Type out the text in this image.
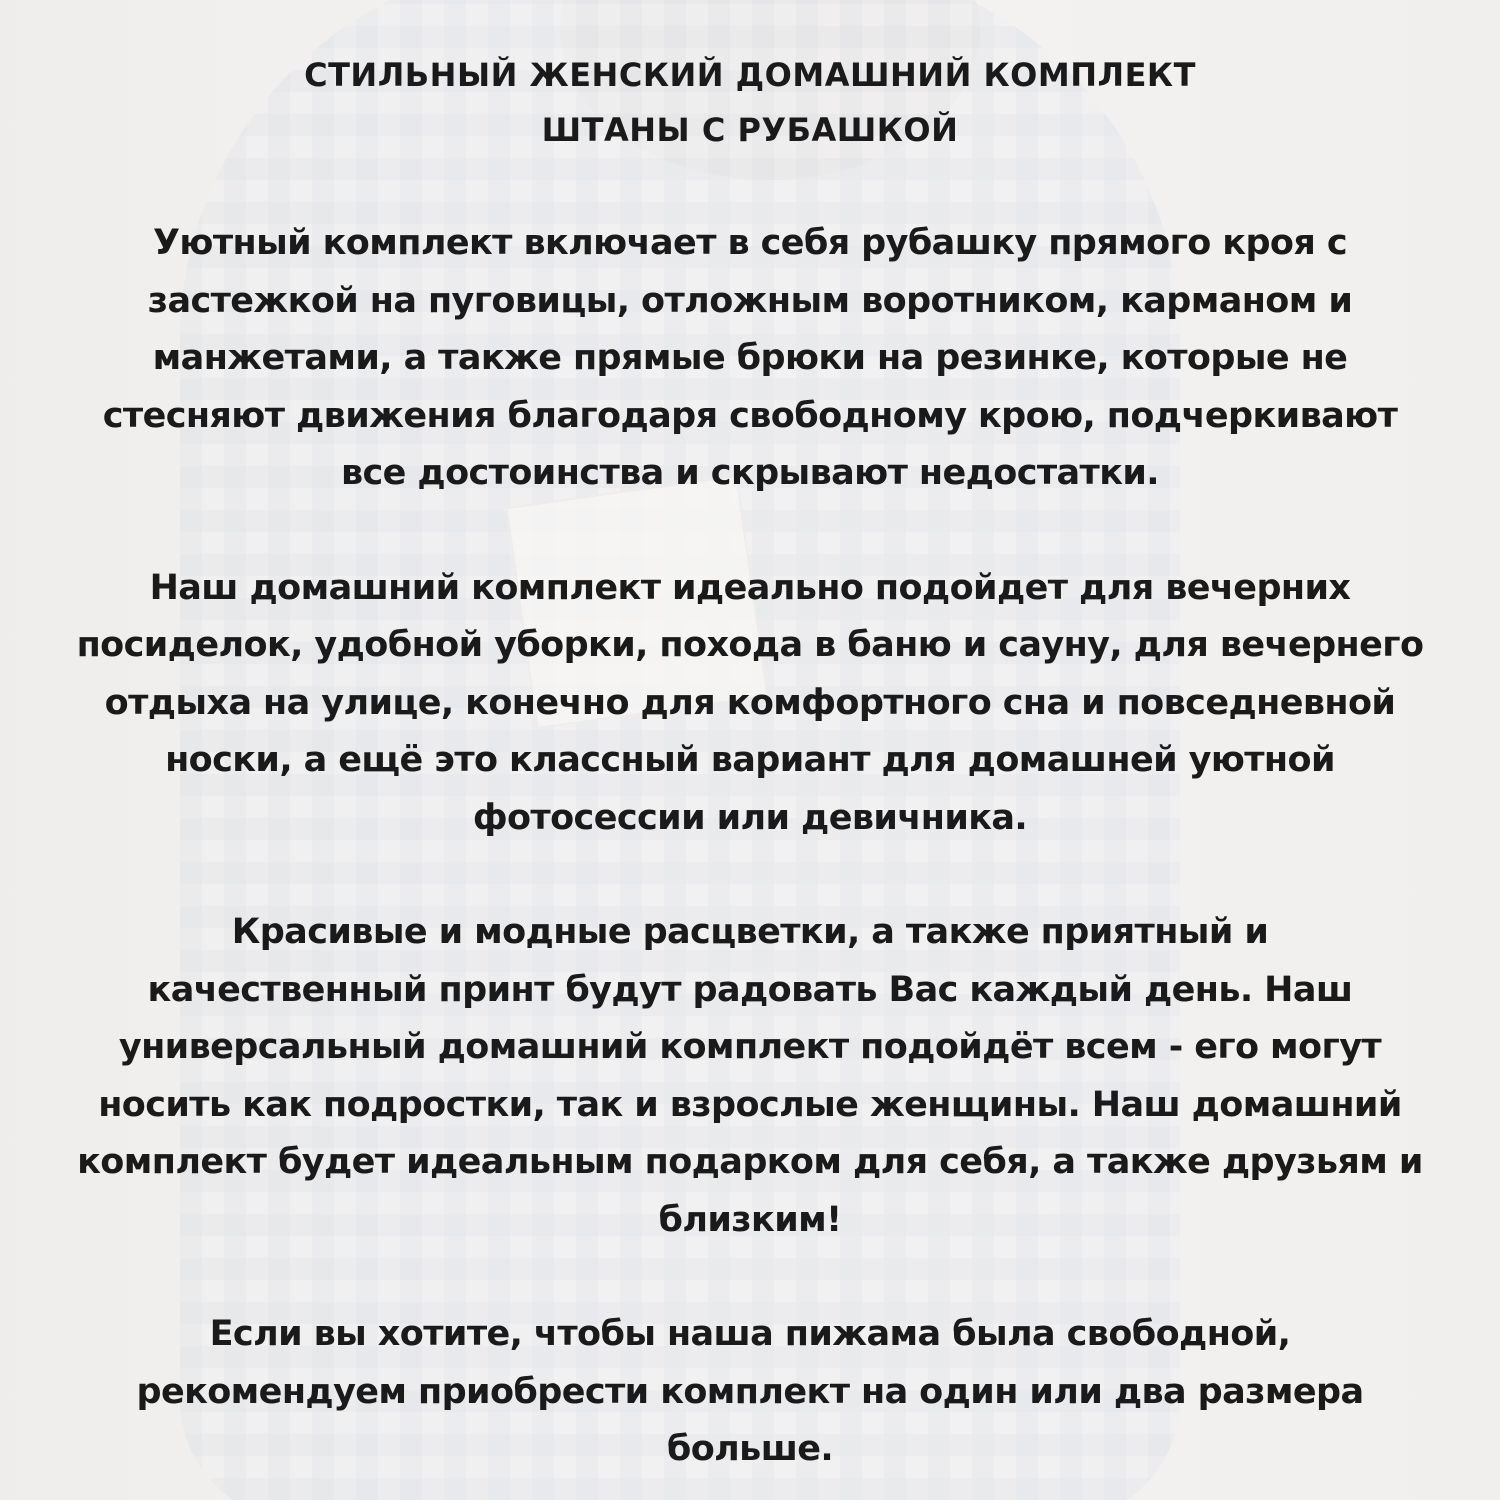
СТИЛЬНЫЙ ЖЕНСКИЙ ДОМАШНИЙ КОМПЛЕКТ
ШТАНЫ С РУБАШКОЙ
Уютный комплект включает в себя рубашку прямого кроя с
застежкой на пуговицы, отложным воротником, карманом и
манжетами, а также прямые брюки на резинке, которые не
стесняют движения благодаря свободному крою, подчеркивают
все достоинства и скрывают недостатки.
Наш домашний комплект идеально подойдет для вечерних
посиделок, удобной уборки, похода в баню и сауну, для вечернего
отдыха на улице, конечно для комфортного сна и повседневной
носки, а ещё это классный вариант для домашней уютной
фотосессии или девичника.
Красивые и модные расцветки, а также приятный и
качественный принт будут радовать Вас каждый день. Наш
универсальный домашний комплект подойдёт всем - его могут
носить как подростки, так и взрослые женщины. Наш домашний
комплект будет идеальным подарком для себя, а также друзьям и
близким!
Если вы хотите, чтобы наша пижама была свободной,
рекомендуем приобрести комплект на один или два размера
больше.
